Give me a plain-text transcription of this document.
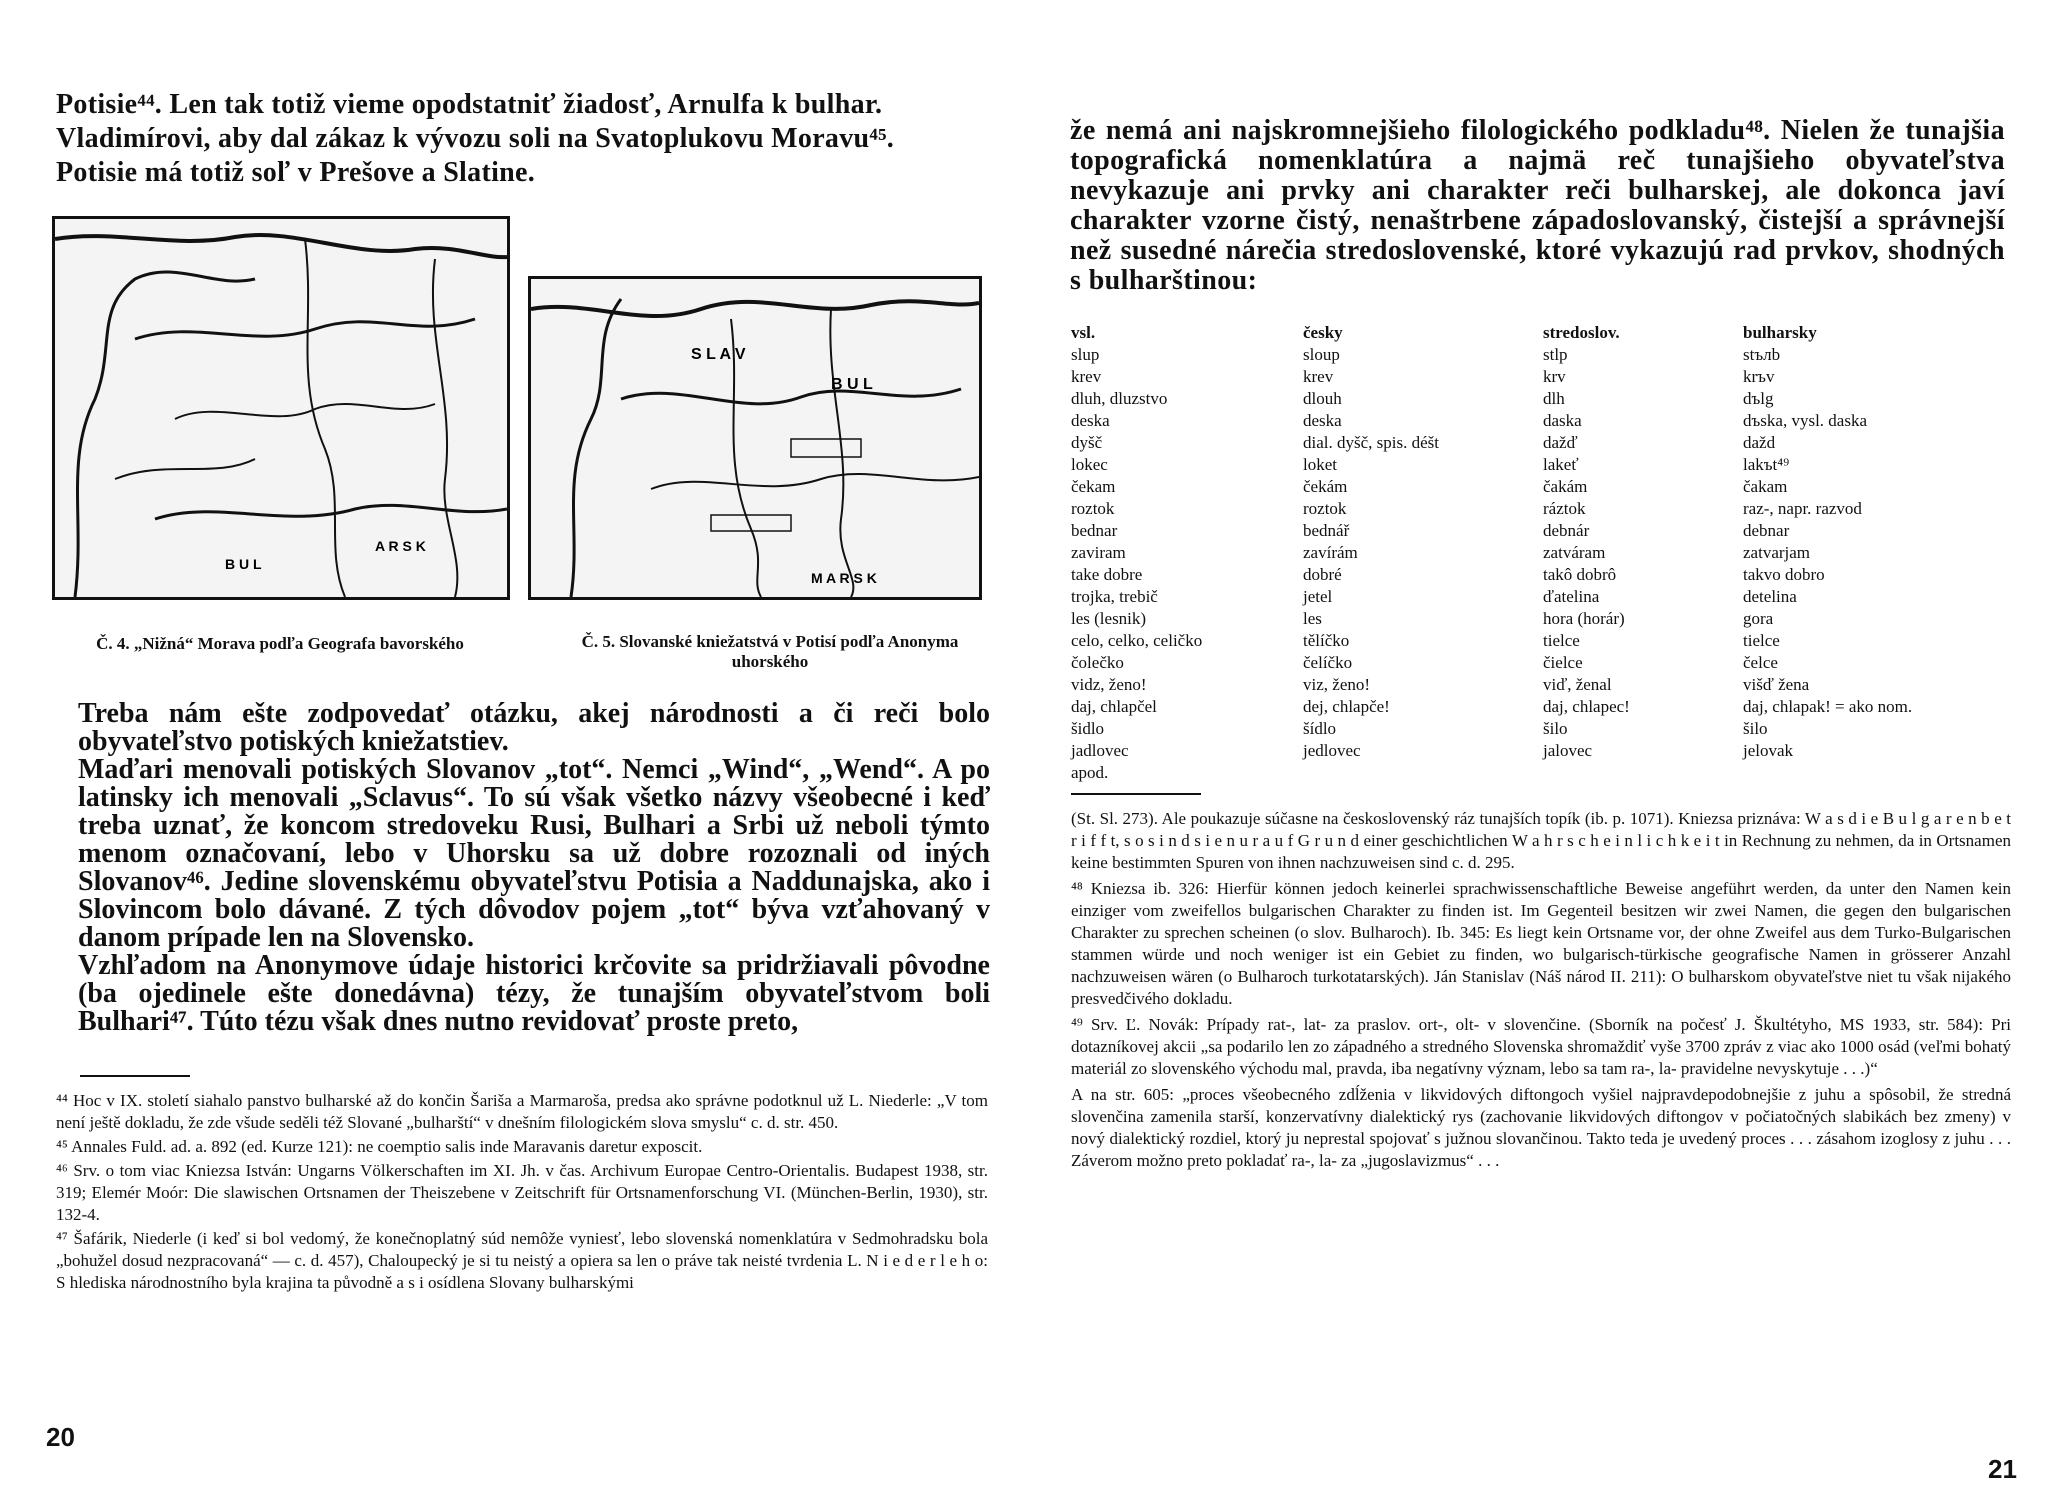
Potisie⁴⁴. Len tak totiž vieme opodstatniť žiadosť, Arnulfa k bulhar.

Vladimírovi, aby dal zákaz k vývozu soli na Svatoplukovu Moravu⁴⁵.

Potisie má totiž soľ v Prešove a Slatine.

B U L
A R S K
S L A V
B U L
M A R S K
Č. 4. „Nižná“ Morava podľa Geografa bavorského	Č. 5. Slovanské kniežatstvá v Potisí podľa Anonyma uhorského

Treba nám ešte zodpovedať otázku, akej národnosti a či reči bolo obyvateľstvo potiských kniežatstiev.

Maďari menovali potiských Slovanov „tot“. Nemci „Wind“, „Wend“. A po latinsky ich menovali „Sclavus“. To sú však všetko názvy všeobecné i keď treba uznať, že koncom stredoveku Rusi, Bulhari a Srbi už neboli týmto menom označovaní, lebo v Uhorsku sa už dobre rozoznali od iných Slovanov⁴⁶. Jedine slovenskému obyvateľstvu Potisia a Naddunajska, ako i Slovincom bolo dávané. Z tých dôvodov pojem „tot“ býva vzťahovaný v danom prípade len na Slovensko.

Vzhľadom na Anonymove údaje historici krčovite sa pridržiavali pôvodne (ba ojedinele ešte donedávna) tézy, že tunajším obyvateľstvom boli Bulhari⁴⁷. Túto tézu však dnes nutno revidovať proste preto,

⁴⁴ Hoc v IX. století siahalo panstvo bulharské až do končin Šariša a Marmaroša, predsa ako správne podotknul už L. Niederle: „V tom není ještě dokladu, že zde všude seděli též Slované „bulharští“ v dnešním filologickém slova smyslu“ c. d. str. 450.

⁴⁵ Annales Fuld. ad. a. 892 (ed. Kurze 121): ne coemptio salis inde Maravanis daretur exposcit.

⁴⁶ Srv. o tom viac Kniezsa István: Ungarns Völkerschaften im XI. Jh. v čas. Archivum Europae Centro-Orientalis. Budapest 1938, str. 319; Elemér Moór: Die slawischen Ortsnamen der Theiszebene v Zeitschrift für Ortsnamenforschung VI. (München-Berlin, 1930), str. 132-4.

⁴⁷ Šafárik, Niederle (i keď si bol vedomý, že konečnoplatný súd nemôže vyniesť, lebo slovenská nomenklatúra v Sedmohradsku bola „bohužel dosud nezpracovaná“ — c. d. 457), Chaloupecký je si tu neistý a opiera sa len o práve tak neisté tvrdenia L. N i e d e r l e h o: S hlediska národnostního byla krajina ta původně a s i osídlena Slovany bulharskými

20

že nemá ani najskromnejšieho filologického podkladu⁴⁸. Nielen že tunajšia topografická nomenklatúra a najmä reč tunajšieho obyvateľstva nevykazuje ani prvky ani charakter reči bulharskej, ale dokonca javí charakter vzorne čistý, nenaštrbene západoslovanský, čistejší a správnejší než susedné nárečia stredoslovenské, ktoré vykazujú rad prvkov, shodných s bulharštinou:

vsl.	česky	stredoslov.	bulharsky
slup	sloup	stlp	stълb
krev	krev	krv	krъv
dluh, dluzstvo	dlouh	dlh	dъlg
deska	deska	daska	dъska, vysl. daska
dyšč	dial. dyšč, spis. déšt	dažď	dažd
lokec	loket	lakeť	lakъt⁴⁹
čekam	čekám	čakám	čakam
roztok	roztok	ráztok	raz-, napr. razvod
bednar	bednář	debnár	debnar
zaviram	zavírám	zatváram	zatvarjam
take dobre	dobré	takô dobrô	takvo dobro
trojka, trebič	jetel	ďatelina	detelina
les (lesnik)	les	hora (horár)	gora
celo, celko, celičko	tělíčko	tielce	tielce
čolečko	čelíčko	čielce	čelce
vidz, ženo!	viz, ženo!	viď, ženal	višď žena
daj, chlapčel	dej, chlapče!	daj, chlapec!	daj, chlapak! = ako nom.
šidlo	šídlo	šilo	šilo
jadlovec	jedlovec	jalovec	jelovak
apod.			

(St. Sl. 273). Ale poukazuje súčasne na československý ráz tunajších topík (ib. p. 1071). Kniezsa priznáva: W a s d i e B u l g a r e n b e t r i f f t, s o s i n d s i e n u r a u f G r u n d einer geschichtlichen W a h r s c h e i n l i c h k e i t in Rechnung zu nehmen, da in Ortsnamen keine bestimmten Spuren von ihnen nachzuweisen sind c. d. 295.

⁴⁸ Kniezsa ib. 326: Hierfür können jedoch keinerlei sprachwissenschaftliche Beweise angeführt werden, da unter den Namen kein einziger vom zweifellos bulgarischen Charakter zu finden ist. Im Gegenteil besitzen wir zwei Namen, die gegen den bulgarischen Charakter zu sprechen scheinen (o slov. Bulharoch). Ib. 345: Es liegt kein Ortsname vor, der ohne Zweifel aus dem Turko-Bulgarischen stammen würde und noch weniger ist ein Gebiet zu finden, wo bulgarisch-türkische geografische Namen in grösserer Anzahl nachzuweisen wären (o Bulharoch turkotatarských). Ján Stanislav (Náš národ II. 211): O bulharskom obyvateľstve niet tu však nijakého presvedčivého dokladu.

⁴⁹ Srv. Ľ. Novák: Prípady rat-, lat- za praslov. ort-, olt- v slovenčine. (Sborník na počesť J. Škultétyho, MS 1933, str. 584): Pri dotazníkovej akcii „sa podarilo len zo západného a stredného Slovenska shromaždiť vyše 3700 zpráv z viac ako 1000 osád (veľmi bohatý materiál zo slovenského východu mal, pravda, iba negatívny význam, lebo sa tam ra-, la- pravidelne nevyskytuje . . .)“

A na str. 605: „proces všeobecného zdĺženia v likvidových diftongoch vyšiel najpravdepodobnejšie z juhu a spôsobil, že stredná slovenčina zamenila starší, konzervatívny dialektický rys (zachovanie likvidových diftongov v počiatočných slabikách bez zmeny) v nový dialektický rozdiel, ktorý ju neprestal spojovať s južnou slovančinou. Takto teda je uvedený proces . . . zásahom izoglosy z juhu . . . Záverom možno preto pokladať ra-, la- za „jugoslavizmus“ . . .

21
